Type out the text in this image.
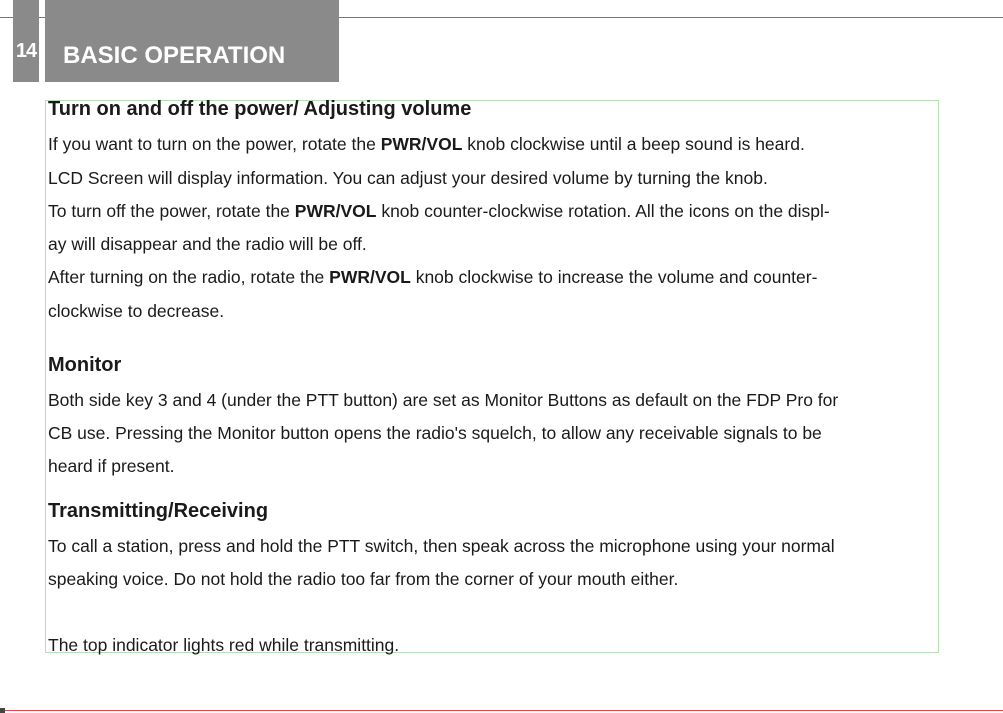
14 BASIC OPERATION
Turn on and off the power/ Adjusting volume
If you want to turn on the power, rotate the PWR/VOL knob clockwise until a beep sound is heard.
LCD Screen will display information. You can adjust your desired volume by turning the knob.
To turn off the power, rotate the PWR/VOL knob counter-clockwise rotation. All the icons on the displ-
ay will disappear and the radio will be off.
After turning on the radio, rotate the PWR/VOL knob clockwise to increase the volume and counter-
clockwise to decrease.
Monitor
Both side key 3 and 4 (under the PTT button) are set as Monitor Buttons as default on the FDP Pro for
CB use. Pressing the Monitor button opens the radio's squelch, to allow any receivable signals to be
heard if present.
Transmitting/Receiving
To call a station, press and hold the PTT switch, then speak across the microphone using your normal
speaking voice. Do not hold the radio too far from the corner of your mouth either.
The top indicator lights red while transmitting.
